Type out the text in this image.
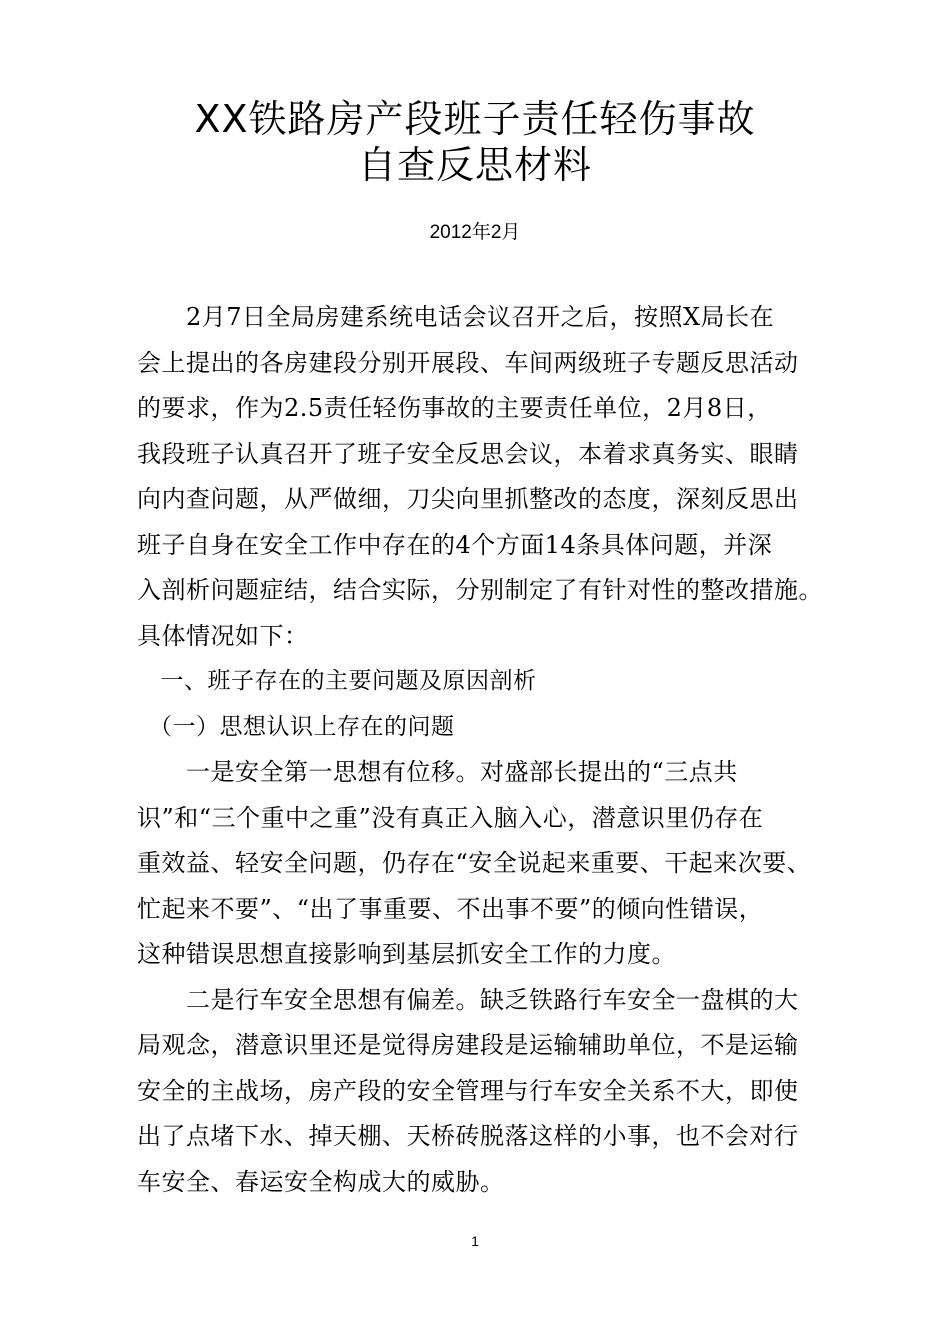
XX铁路房产段班子责任轻伤事故
自查反思材料
2012年2月
　　2月7日全局房建系统电话会议召开之后，按照X局长在
会上提出的各房建段分别开展段、车间两级班子专题反思活动
的要求，作为2.5责任轻伤事故的主要责任单位，2月8日，
我段班子认真召开了班子安全反思会议，本着求真务实、眼睛
向内查问题，从严做细，刀尖向里抓整改的态度，深刻反思出
班子自身在安全工作中存在的4个方面14条具体问题，并深
入剖析问题症结，结合实际，分别制定了有针对性的整改措施。
具体情况如下：
　一、班子存在的主要问题及原因剖析
　（一）思想认识上存在的问题
　　一是安全第一思想有位移。对盛部长提出的“三点共
识”和“三个重中之重”没有真正入脑入心，潜意识里仍存在
重效益、轻安全问题，仍存在“安全说起来重要、干起来次要、
忙起来不要”、“出了事重要、不出事不要”的倾向性错误，
这种错误思想直接影响到基层抓安全工作的力度。
　　二是行车安全思想有偏差。缺乏铁路行车安全一盘棋的大
局观念，潜意识里还是觉得房建段是运输辅助单位，不是运输
安全的主战场，房产段的安全管理与行车安全关系不大，即使
出了点堵下水、掉天棚、天桥砖脱落这样的小事，也不会对行
车安全、春运安全构成大的威胁。
1
